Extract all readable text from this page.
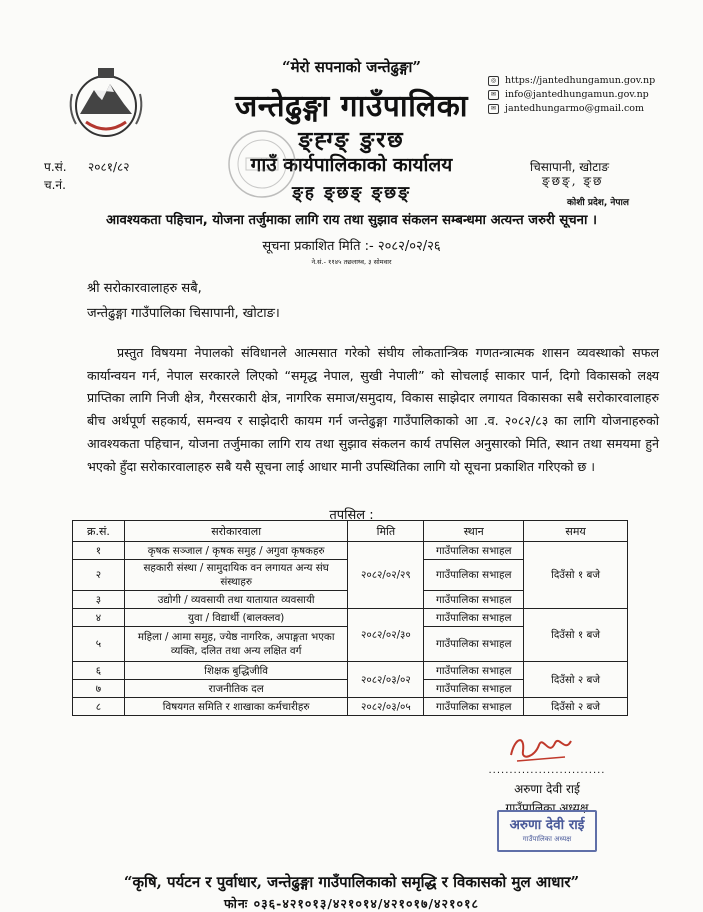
“मेरो सपनाको जन्तेढुङ्गा”
जन्तेढुङ्गा गाउँपालिका
ङ्ह्ग्ङ् ङुरछ
गाउँ कार्यपालिकाको कार्यालय
ङ्ह ङ्छङ् ङ्छङ्
◎ https://jantedhungamun.gov.np
✉ info@jantedhungamun.gov.np
✉ jantedhungarmo@gmail.com
प.सं. २०८१/८२
च.नं.
चिसापानी, खोटाङ
ङ्छङ्, ङ्छ
कोशी प्रदेश, नेपाल
आवश्यकता पहिचान, योजना तर्जुमाका लागि राय तथा सुझाव संकलन सम्बन्धमा अत्यन्त जरुरी सूचना ।
सूचना प्रकाशित मिति :- २०८२/०२/२६
ने.सं.- ११४५ तछलाथ्व, ३ सोमवार
श्री सरोकारवालाहरु सबै,
जन्तेढुङ्गा गाउँपालिका चिसापानी, खोटाङ।
प्रस्तुत विषयमा नेपालको संविधानले आत्मसात गरेको संघीय लोकतान्त्रिक गणतन्त्रात्मक शासन व्यवस्थाको सफल कार्यान्वयन गर्न, नेपाल सरकारले लिएको “समृद्ध नेपाल, सुखी नेपाली” को सोचलाई साकार पार्न, दिगो विकासको लक्ष्य प्राप्तिका लागि निजी क्षेत्र, गैरसरकारी क्षेत्र, नागरिक समाज/समुदाय, विकास साझेदार लगायत विकासका सबै सरोकारवालाहरु बीच अर्थपूर्ण सहकार्य, समन्वय र साझेदारी कायम गर्न जन्तेढुङ्गा गाउँपालिकाको आ .व. २०८२/८३ का लागि योजनाहरुको आवश्यकता पहिचान, योजना तर्जुमाका लागि राय तथा सुझाव संकलन कार्य तपसिल अनुसारको मिति, स्थान तथा समयमा हुने भएको हुँदा सरोकारवालाहरु सबै यसै सूचना लाई आधार मानी उपस्थितिका लागि यो सूचना प्रकाशित गरिएको छ ।
तपसिल :
क्र.सं.	सरोकारवाला	मिति	स्थान	समय
१	कृषक सञ्जाल / कृषक समुह / अगुवा कृषकहरु	२०८२/०२/२९	गाउँपालिका सभाहल	दिउँसो १ बजे
२	सहकारी संस्था / सामुदायिक वन लगायत अन्य संघ संस्थाहरु		गाउँपालिका सभाहल	
३	उद्योगी / व्यवसायी तथा यातायात व्यवसायी		गाउँपालिका सभाहल	
४	युवा / विद्यार्थी (बालक्लव)	२०८२/०२/३०	गाउँपालिका सभाहल	दिउँसो १ बजे
५	महिला / आमा समुह, ज्येष्ठ नागरिक, अपाङ्गता भएका व्यक्ति, दलित तथा अन्य लक्षित वर्ग		गाउँपालिका सभाहल	
६	शिक्षक बुद्धिजीवि	२०८२/०३/०२	गाउँपालिका सभाहल	दिउँसो २ बजे
७	राजनीतिक दल		गाउँपालिका सभाहल	
८	विषयगत समिति र शाखाका कर्मचारीहरु	२०८२/०३/०५	गाउँपालिका सभाहल	दिउँसो २ बजे
............................
अरुणा देवी राई
गाउँपालिका अध्यक्ष
अरुणा देवी राई
गाउँपालिका अध्यक्ष
“कृषि, पर्यटन र पुर्वाधार, जन्तेढुङ्गा गाउँपालिकाको समृद्धि र विकासको मुल आधार”
फोनः ०३६-४२१०१३/४२१०१४/४२१०१७/४२१०१८
